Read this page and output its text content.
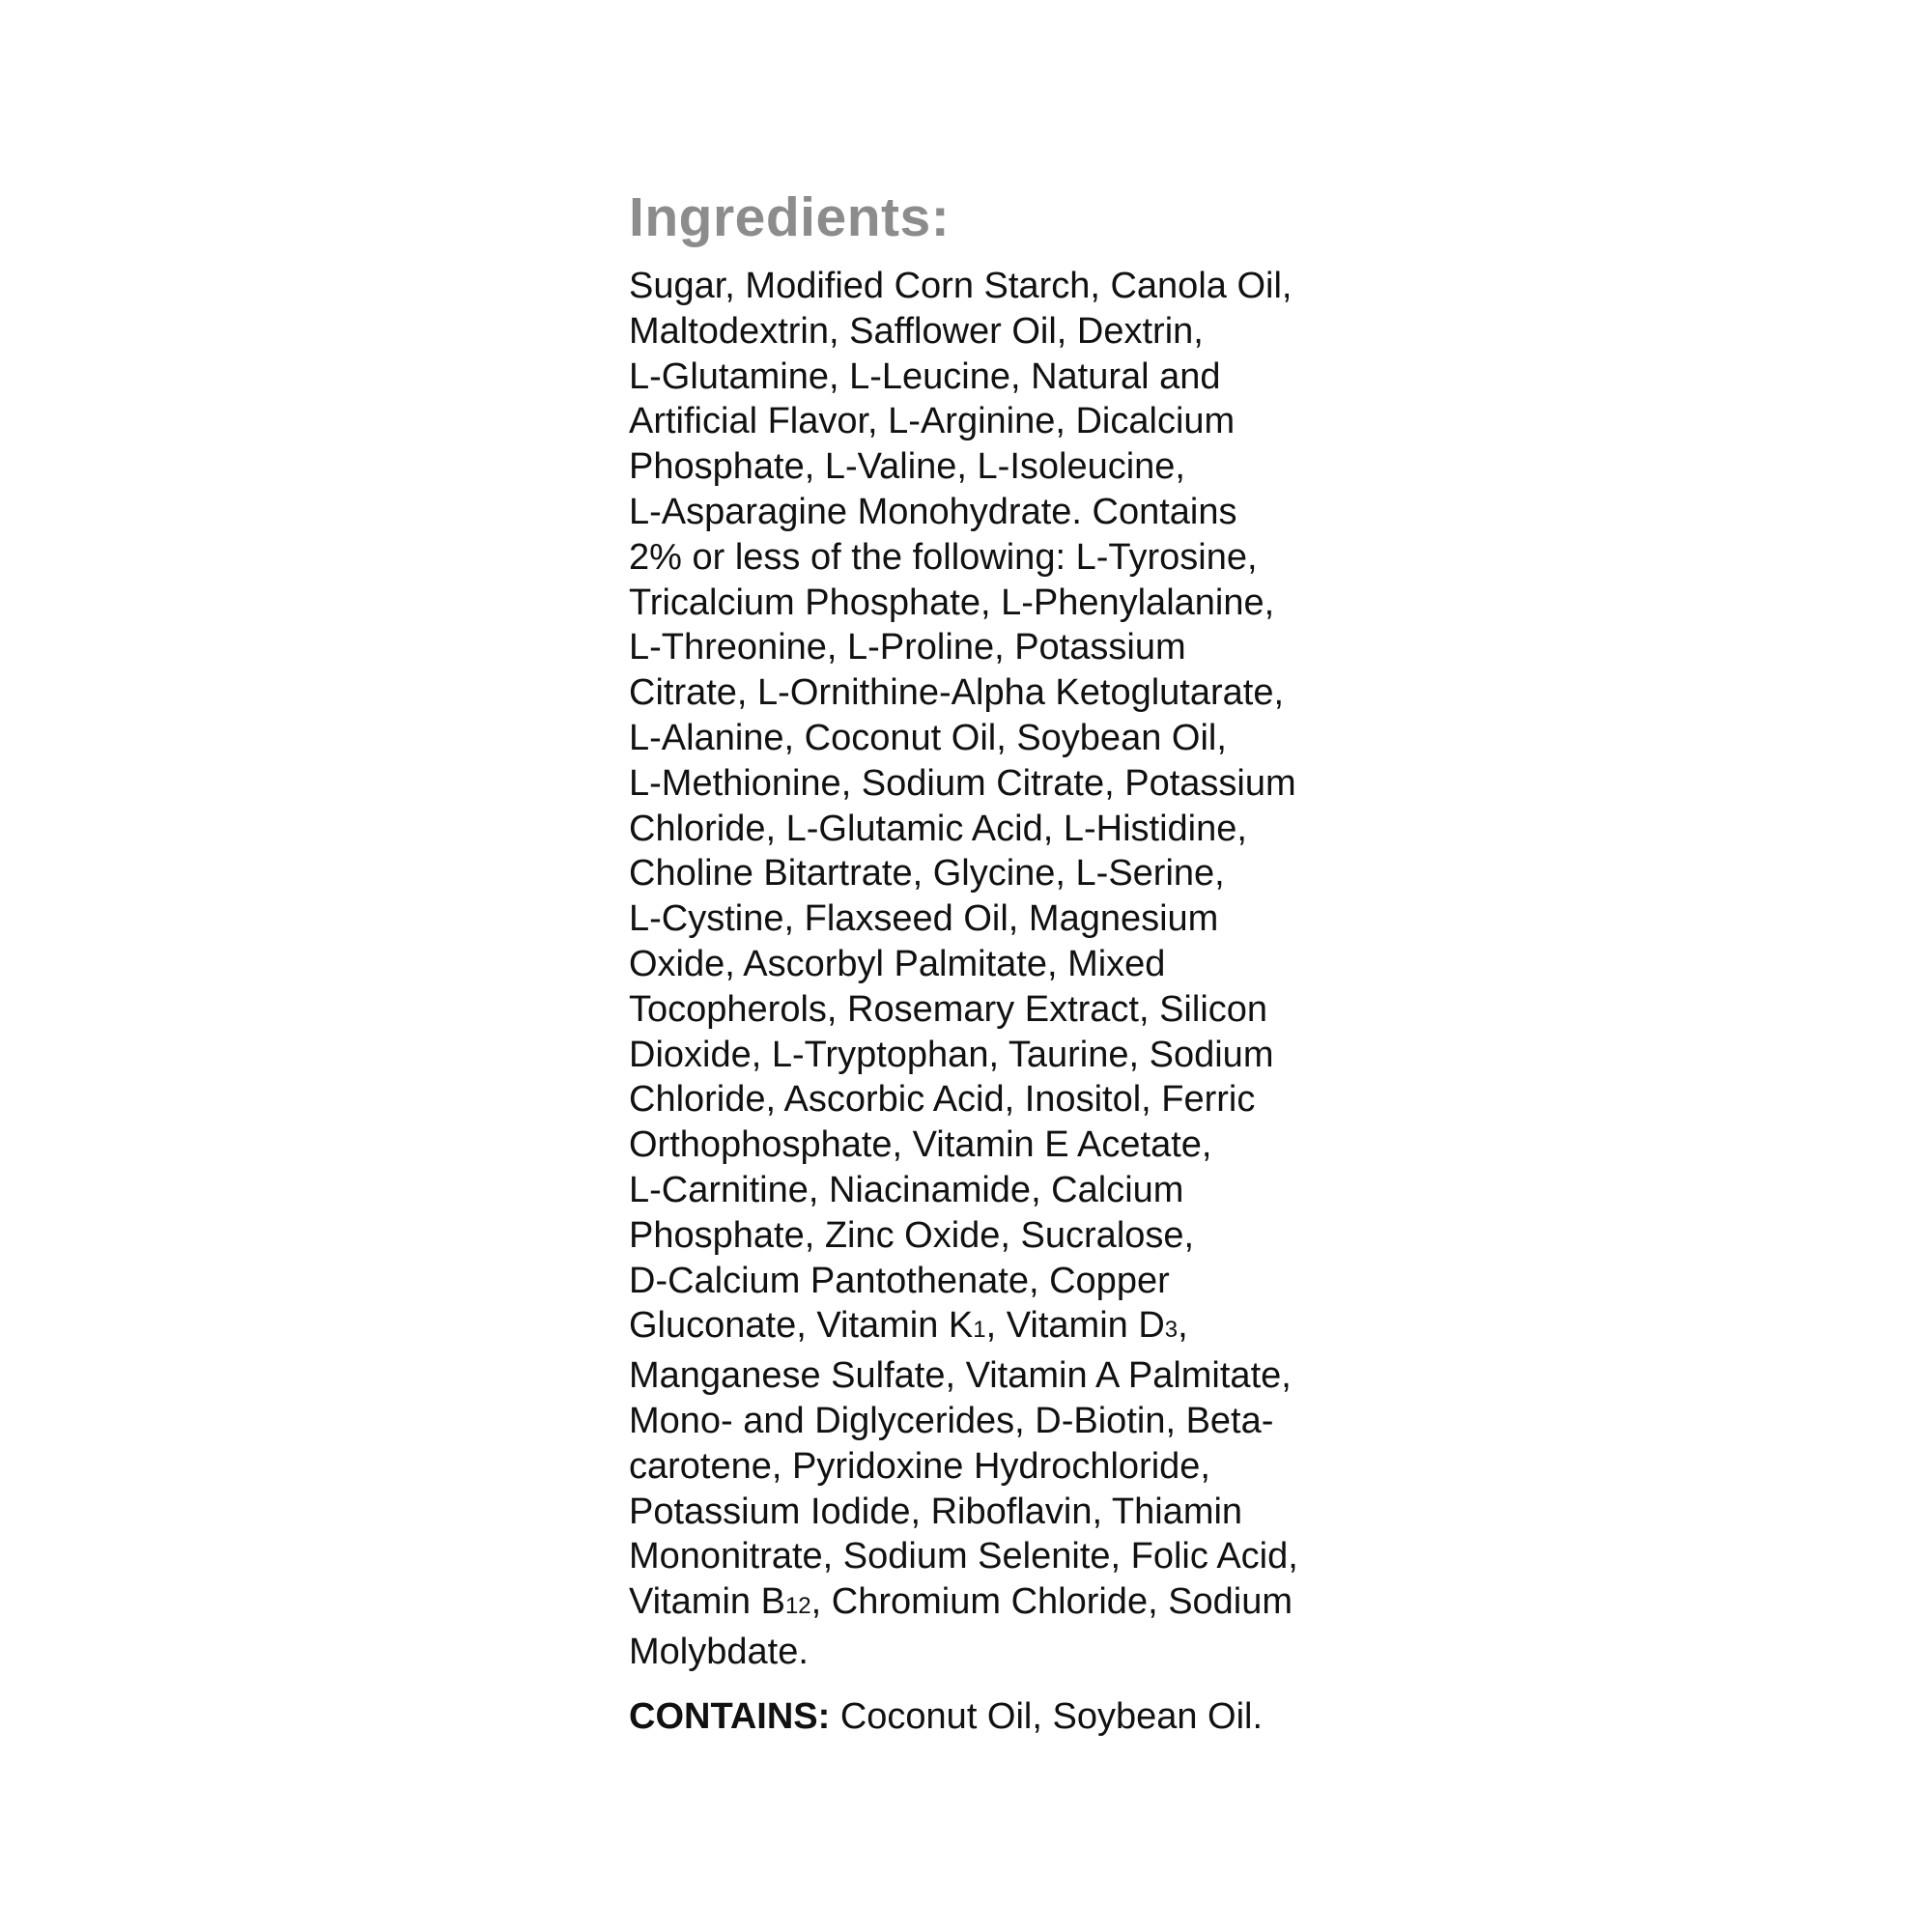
Ingredients:
Sugar, Modified Corn Starch, Canola Oil,
Maltodextrin, Safflower Oil, Dextrin,
L-Glutamine, L-Leucine, Natural and
Artificial Flavor, L-Arginine, Dicalcium
Phosphate, L-Valine, L-Isoleucine,
L-Asparagine Monohydrate. Contains
2% or less of the following: L-Tyrosine,
Tricalcium Phosphate, L-Phenylalanine,
L-Threonine, L-Proline, Potassium
Citrate, L-Ornithine-Alpha Ketoglutarate,
L-Alanine, Coconut Oil, Soybean Oil,
L-Methionine, Sodium Citrate, Potassium
Chloride, L-Glutamic Acid, L-Histidine,
Choline Bitartrate, Glycine, L-Serine,
L-Cystine, Flaxseed Oil, Magnesium
Oxide, Ascorbyl Palmitate, Mixed
Tocopherols, Rosemary Extract, Silicon
Dioxide, L-Tryptophan, Taurine, Sodium
Chloride, Ascorbic Acid, Inositol, Ferric
Orthophosphate, Vitamin E Acetate,
L-Carnitine, Niacinamide, Calcium
Phosphate, Zinc Oxide, Sucralose,
D-Calcium Pantothenate, Copper
Gluconate, Vitamin K1, Vitamin D3,
Manganese Sulfate, Vitamin A Palmitate,
Mono- and Diglycerides, D-Biotin, Beta-
carotene, Pyridoxine Hydrochloride,
Potassium Iodide, Riboflavin, Thiamin
Mononitrate, Sodium Selenite, Folic Acid,
Vitamin B12, Chromium Chloride, Sodium
Molybdate.
CONTAINS: Coconut Oil, Soybean Oil.
